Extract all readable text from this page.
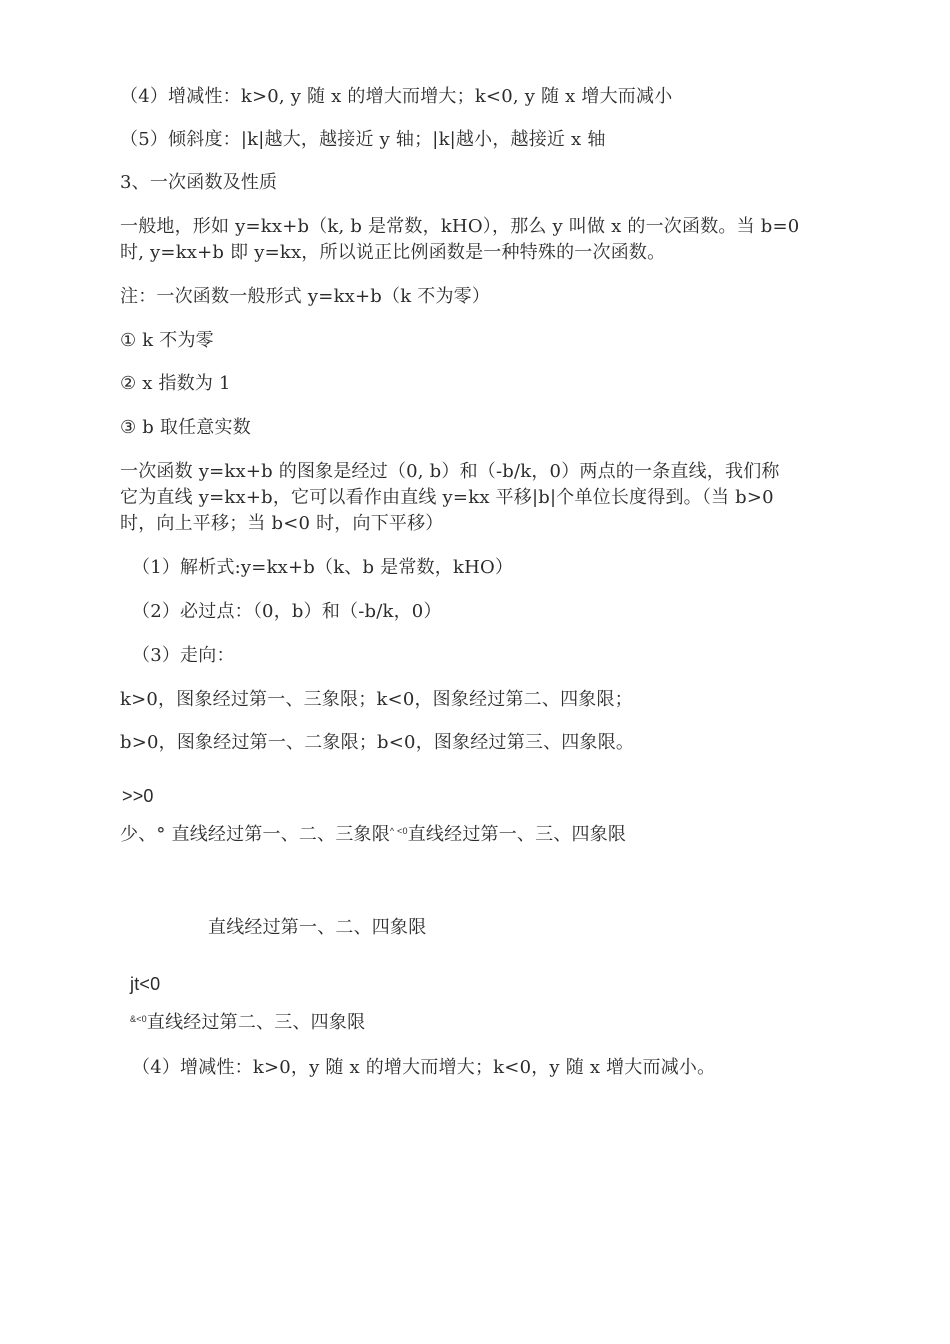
（4）增减性：k>0, y 随 x 的增大而增大；k<0, y 随 x 增大而减小
（5）倾斜度：|k|越大，越接近 y 轴；|k|越小，越接近 x 轴
3、一次函数及性质
一般地，形如 y=kx+b（k, b 是常数，kHO），那么 y 叫做 x 的一次函数。当 b=0
时, y=kx+b 即 y=kx，所以说正比例函数是一种特殊的一次函数。
注：一次函数一般形式 y=kx+b（k 不为零）
① k 不为零
② x 指数为 1
③ b 取任意实数
一次函数 y=kx+b 的图象是经过（0, b）和（-b/k，0）两点的一条直线，我们称
它为直线 y=kx+b，它可以看作由直线 y=kx 平移|b|个单位长度得到。（当 b>0
时，向上平移；当 b<0 时，向下平移）
（1）解析式:y=kx+b（k、b 是常数，kHO）
（2）必过点：（0，b）和（-b/k，0）
（3）走向：
k>0，图象经过第一、三象限；k<0，图象经过第二、四象限；
b>0，图象经过第一、二象限；b<0，图象经过第三、四象限。
>>0
少、° 直线经过第一、二、三象限$^{\^{} <0}$直线经过第一、三、四象限
直线经过第一、二、四象限
jt<0
$^{\&<0}$直线经过第二、三、四象限
（4）增减性：k>0，y 随 x 的增大而增大；k<0，y 随 x 增大而减小。
